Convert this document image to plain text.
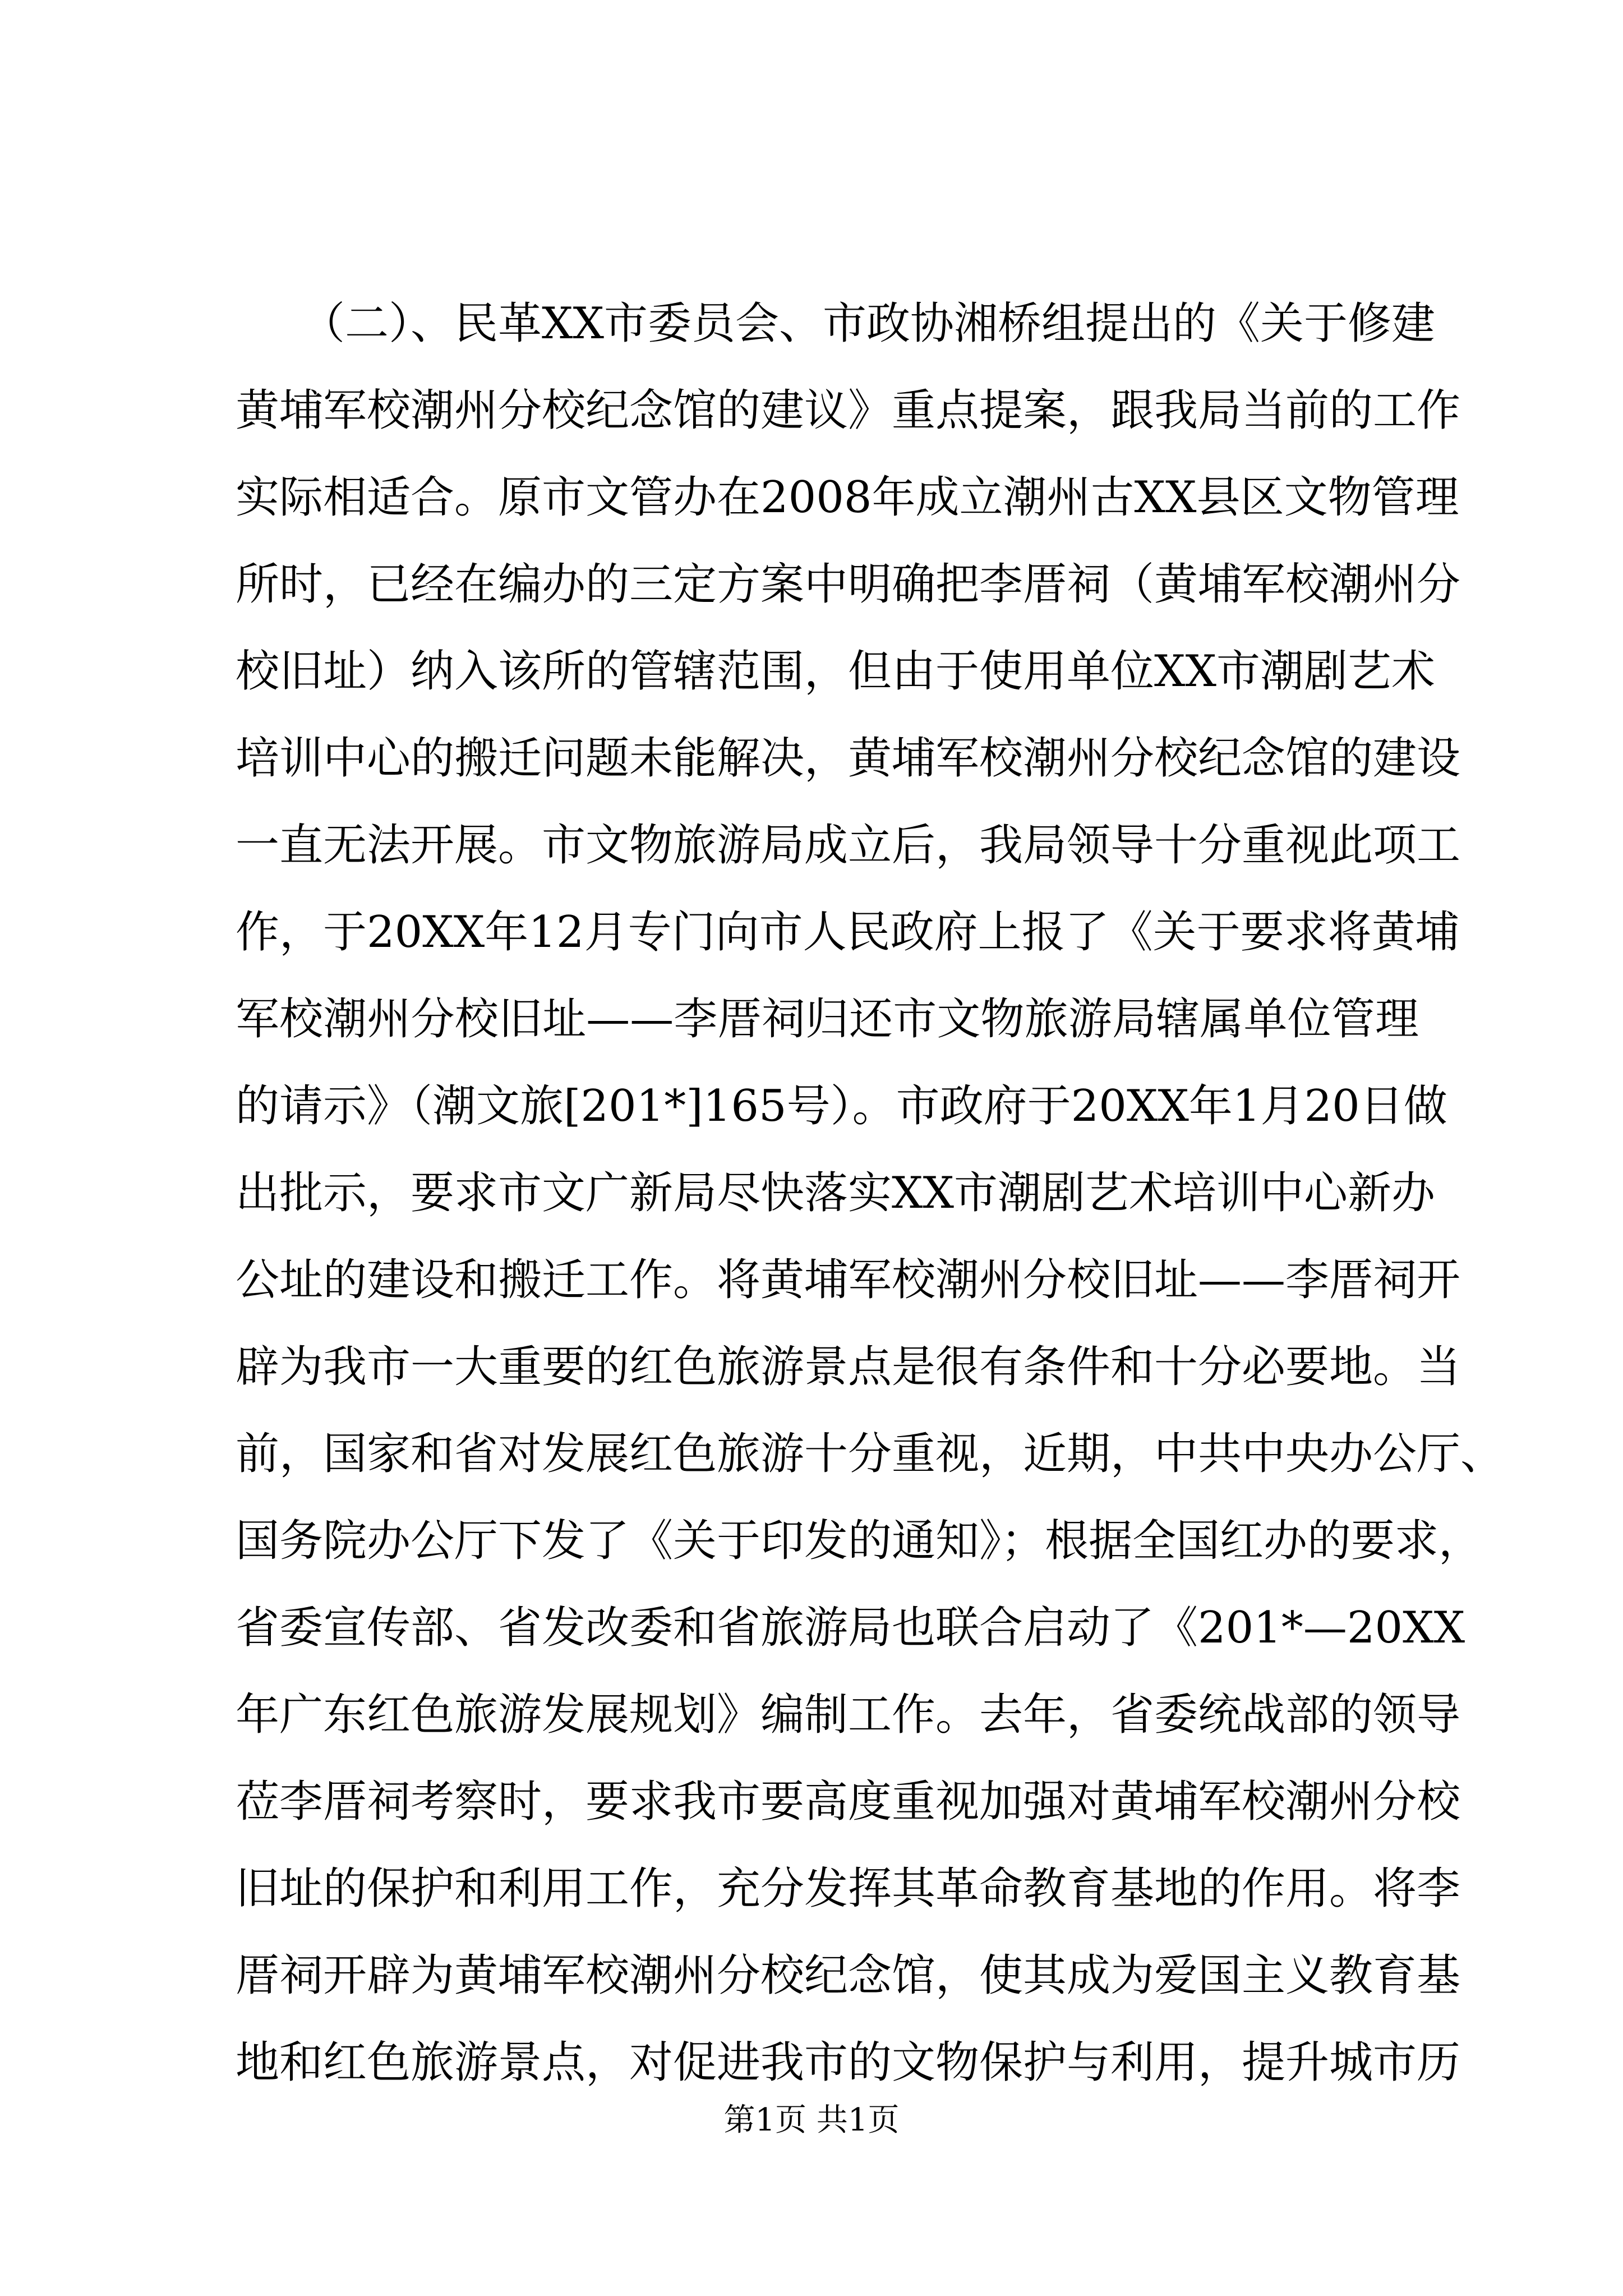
　　（二）、民革XX市委员会、市政协湘桥组提出的《关于修建
黄埔军校潮州分校纪念馆的建议》重点提案，跟我局当前的工作
实际相适合。原市文管办在2008年成立潮州古XX县区文物管理
所时，已经在编办的三定方案中明确把李厝祠（黄埔军校潮州分
校旧址）纳入该所的管辖范围，但由于使用单位XX市潮剧艺术
培训中心的搬迁问题未能解决，黄埔军校潮州分校纪念馆的建设
一直无法开展。市文物旅游局成立后，我局领导十分重视此项工
作，于20XX年12月专门向市人民政府上报了《关于要求将黄埔
军校潮州分校旧址——李厝祠归还市文物旅游局辖属单位管理
的请示》（潮文旅[201*]165号）。市政府于20XX年1月20日做
出批示，要求市文广新局尽快落实XX市潮剧艺术培训中心新办
公址的建设和搬迁工作。将黄埔军校潮州分校旧址——李厝祠开
辟为我市一大重要的红色旅游景点是很有条件和十分必要地。当
前，国家和省对发展红色旅游十分重视，近期，中共中央办公厅、
国务院办公厅下发了《关于印发的通知》；根据全国红办的要求，
省委宣传部、省发改委和省旅游局也联合启动了《201*—20XX
年广东红色旅游发展规划》编制工作。去年，省委统战部的领导
莅李厝祠考察时，要求我市要高度重视加强对黄埔军校潮州分校
旧址的保护和利用工作，充分发挥其革命教育基地的作用。将李
厝祠开辟为黄埔军校潮州分校纪念馆，使其成为爱国主义教育基
地和红色旅游景点，对促进我市的文物保护与利用，提升城市历
第1页 共1页
